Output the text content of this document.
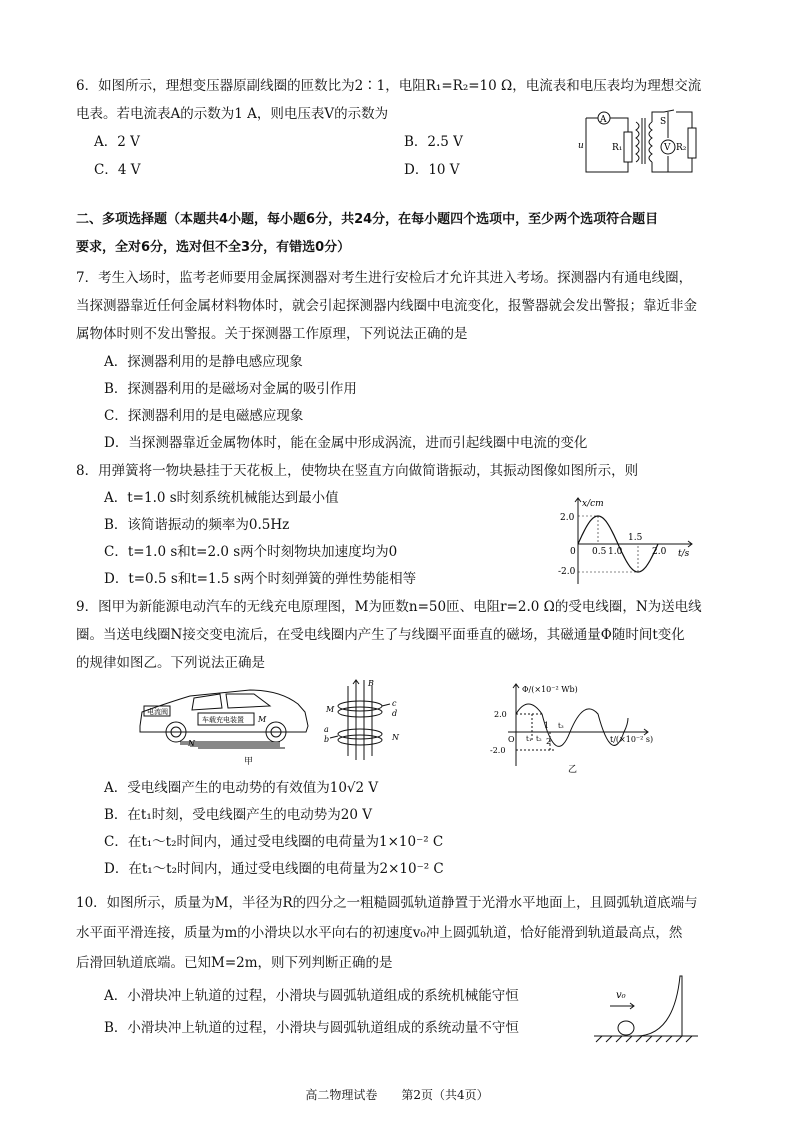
6．如图所示，理想变压器原副线圈的匝数比为2∶1，电阻R₁=R₂=10 Ω，电流表和电压表均为理想交流
电表。若电流表A的示数为1 A，则电压表V的示数为
A．2 V	B．2.5 V
C．4 V	D．10 V
A	S
u	R₁	V R₂
二、多项选择题（本题共4小题，每小题6分，共24分，在每小题四个选项中，至少两个选项符合题目
要求，全对6分，选对但不全3分，有错选0分）
7．考生入场时，监考老师要用金属探测器对考生进行安检后才允许其进入考场。探测器内有通电线圈，
当探测器靠近任何金属材料物体时，就会引起探测器内线圈中电流变化，报警器就会发出警报；靠近非金
属物体时则不发出警报。关于探测器工作原理，下列说法正确的是
A．探测器利用的是静电感应现象
B．探测器利用的是磁场对金属的吸引作用
C．探测器利用的是电磁感应现象
D．当探测器靠近金属物体时，能在金属中形成涡流，进而引起线圈中电流的变化
8．用弹簧将一物块悬挂于天花板上，使物块在竖直方向做简谐振动，其振动图像如图所示，则
A．t=1.0 s时刻系统机械能达到最小值
B．该简谐振动的频率为0.5Hz
C．t=1.0 s和t=2.0 s两个时刻物块加速度均为0
D．t=0.5 s和t=1.5 s两个时刻弹簧的弹性势能相等
x/cm
t/s
2.0
-2.0
0 0.5 1.0
1.5
2.0
9．图甲为新能源电动汽车的无线充电原理图，M为匝数n=50匝、电阻r=2.0 Ω的受电线圈，N为送电线
圈。当送电线圈N接交变电流后，在受电线圈内产生了与线圈平面垂直的磁场，其磁通量Φ随时间t变化
的规律如图乙。下列说法正确是
电流阀
车载充电装置 M
N
B
c
d
M
a
b	N
甲
Φ/(×10⁻² Wb)
t/(×10⁻² s)
2.0
-2.0
O t₁ t₂
t₃
1
2
乙
A．受电线圈产生的电动势的有效值为10√2 V
B．在t₁时刻，受电线圈产生的电动势为20 V
C．在t₁～t₂时间内，通过受电线圈的电荷量为1×10⁻² C
D．在t₁～t₂时间内，通过受电线圈的电荷量为2×10⁻² C
10．如图所示，质量为M，半径为R的四分之一粗糙圆弧轨道静置于光滑水平地面上，且圆弧轨道底端与
水平面平滑连接，质量为m的小滑块以水平向右的初速度v₀冲上圆弧轨道，恰好能滑到轨道最高点，然
后滑回轨道底端。已知M=2m，则下列判断正确的是
A．小滑块冲上轨道的过程，小滑块与圆弧轨道组成的系统机械能守恒
B．小滑块冲上轨道的过程，小滑块与圆弧轨道组成的系统动量不守恒
v₀
高二物理试卷　　第2页（共4页）
